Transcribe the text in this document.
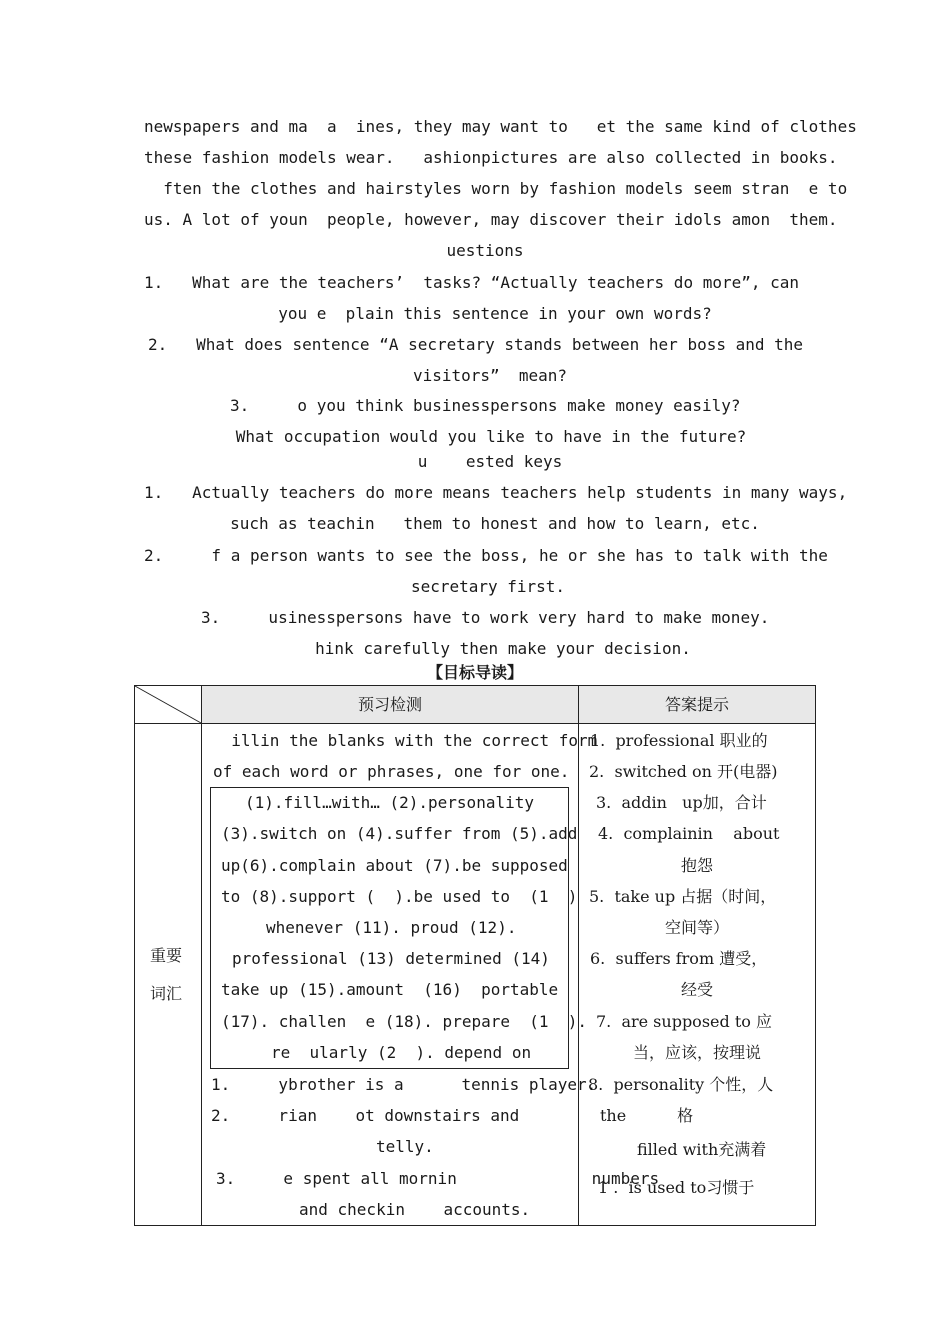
newspapers and ma  a  ines, they may want to   et the same kind of clothes
these fashion models wear.   ashionpictures are also collected in books.
ften the clothes and hairstyles worn by fashion models seem stran  e to
us. A lot of youn  people, however, may discover their idols amon  them.
uestions
1.   What are the teachers’  tasks? “Actually teachers do more”, can
you e  plain this sentence in your own words?
2.   What does sentence “A secretary stands between her boss and the
visitors”  mean?
3.     o you think businesspersons make money easily?
What occupation would you like to have in the future?
u    ested keys
1.   Actually teachers do more means teachers help students in many ways,
such as teachin   them to honest and how to learn, etc.
2.     f a person wants to see the boss, he or she has to talk with the
secretary first.
3.     usinesspersons have to work very hard to make money.
hink carefully then make your decision.
【目标导读】
预习检测	答案提示
重要
词汇
illin the blanks with the correct form
of each word or phrases, one for one.
(1).fill…with… (2).personality
(3).switch on (4).suffer from (5).add
up(6).complain about (7).be supposed
to (8).support (  ).be used to  (1  )
whenever (11). proud (12).
professional (13) determined (14)
take up (15).amount  (16)  portable
(17). challen  e (18). prepare  (1  ).
re  ularly (2  ). depend on
1.     ybrother is a      tennis player.
2.     rian    ot downstairs and
telly.
3.     e spent all mornin              numbers
and checkin    accounts.
1.  professional 职业的
2.  switched on 开(电器)
3.  addin   up加，合计
4.  complainin    about
抱怨
5.  take up 占据（时间，
空间等）
6.  suffers from 遭受，
经受
7.  are supposed to 应
当，应该，按理说
8.  personality 个性，人
the          格
filled with充满着
1 .  is used to习惯于
